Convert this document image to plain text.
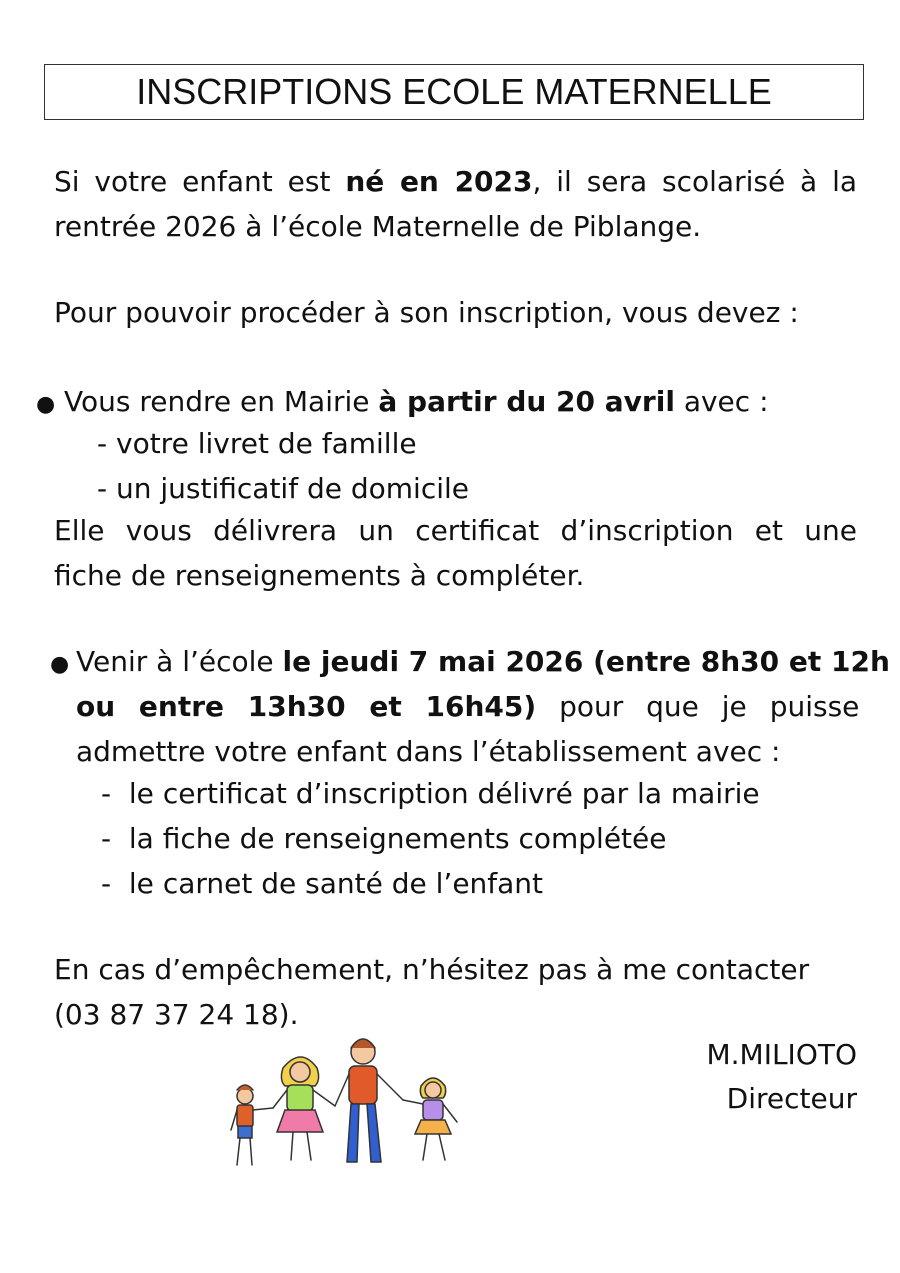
INSCRIPTIONS ECOLE MATERNELLE
Si votre enfant est né en 2023, il sera scolarisé à la
rentrée 2026 à l’école Maternelle de Piblange.
Pour pouvoir procéder à son inscription, vous devez :
● Vous rendre en Mairie à partir du 20 avril avec :
- votre livret de famille
- un justificatif de domicile
Elle vous délivrera un certificat d’inscription et une
fiche de renseignements à compléter.
● Venir à l’école le jeudi 7 mai 2026 (entre 8h30 et 12h
ou entre 13h30 et 16h45) pour que je puisse
admettre votre enfant dans l’établissement avec :
-  le certificat d’inscription délivré par la mairie
-  la fiche de renseignements complétée
-  le carnet de santé de l’enfant
En cas d’empêchement, n’hésitez pas à me contacter
(03 87 37 24 18).
M.MILIOTO
Directeur
